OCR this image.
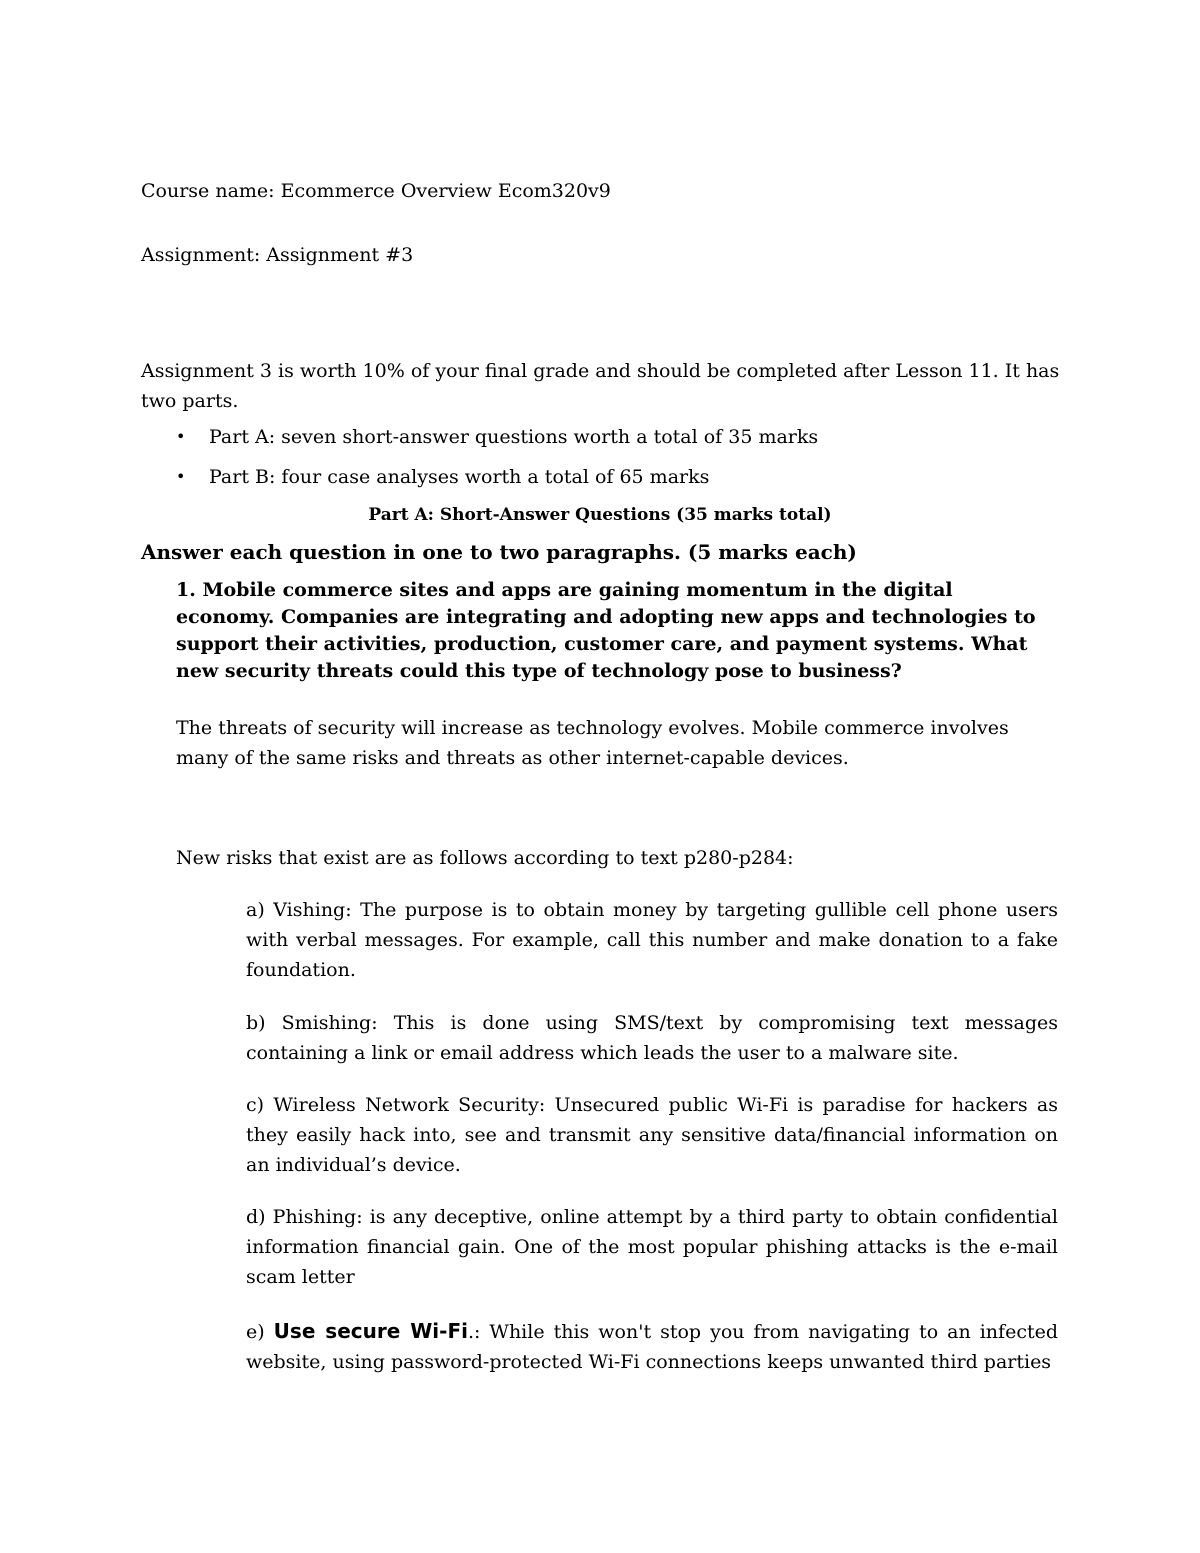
Course name: Ecommerce Overview Ecom320v9
Assignment: Assignment #3
Assignment 3 is worth 10% of your final grade and should be completed after Lesson 11. It has two parts.
•	Part A: seven short-answer questions worth a total of 35 marks
•	Part B: four case analyses worth a total of 65 marks
Part A: Short-Answer Questions (35 marks total)
Answer each question in one to two paragraphs. (5 marks each)
1. Mobile commerce sites and apps are gaining momentum in the digital economy. Companies are integrating and adopting new apps and technologies to support their activities, production, customer care, and payment systems. What new security threats could this type of technology pose to business?
The threats of security will increase as technology evolves. Mobile commerce involves many of the same risks and threats as other internet-capable devices.
New risks that exist are as follows according to text p280-p284:
a) Vishing: The purpose is to obtain money by targeting gullible cell phone users with verbal messages. For example, call this number and make donation to a fake foundation.
b) Smishing: This is done using SMS/text by compromising text messages containing a link or email address which leads the user to a malware site.
c) Wireless Network Security: Unsecured public Wi-Fi is paradise for hackers as they easily hack into, see and transmit any sensitive data/financial information on an individual’s device.
d) Phishing: is any deceptive, online attempt by a third party to obtain confidential information financial gain. One of the most popular phishing attacks is the e-mail scam letter
e) Use secure Wi-Fi.: While this won't stop you from navigating to an infected website, using password-protected Wi-Fi connections keeps unwanted third parties
